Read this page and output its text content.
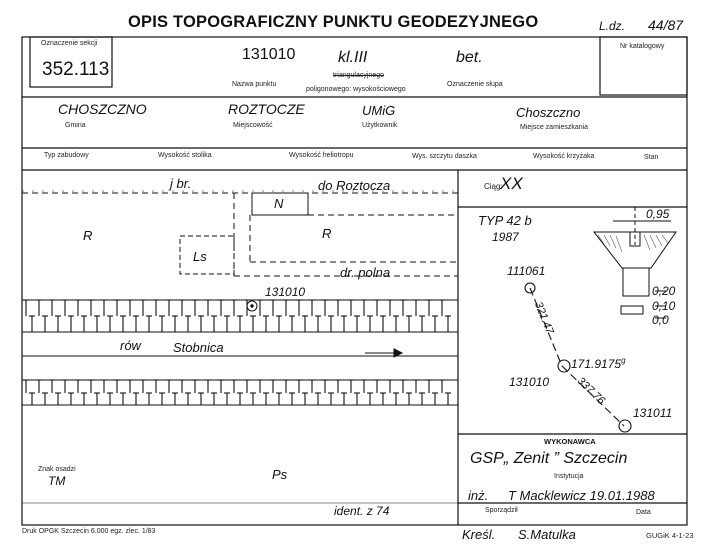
OPIS TOPOGRAFICZNY PUNKTU GEODEZYJNEGO	L.dz. 44/87
Oznaczenie sekcji
352.113
Nr katalogowy
131010	kl.III	bet.
Nazwa punktu
triangulacyjnego
poligonowego: wysokościowego
Oznaczenie słupa
CHOSZCZNO
Gmina
ROZTOCZE
Miejscowość
UMiG
Użytkownik
Choszczno
Miejsce zamieszkania
Typ zabudowy	Wysokość stolika	Wysokość heliotropu	Wys. szczytu daszka	Wysokość krzyżaka	Stan
j br.	do Roztocza
N
R	R
Ls
dr. polna
131010
rów Stobnica
Znak osadzi
TM	Ps
ident. z 74
Ciąg:
XX
TYP 42 b
1987
0,95
0,20
0,10
0,0
111061
131010
131011
321.47
337.76
171.9175$^g$
WYKONAWCA
GSP„ Zenit ” Szczecin
Instytucja
inż. T Macklewicz 19.01.1988
Sporządził	Data
Druk OPGK Szczecin 6.000 egz. zlec. 1/83	Kreśl. S.Matulka	GUGiK 4-1-23
